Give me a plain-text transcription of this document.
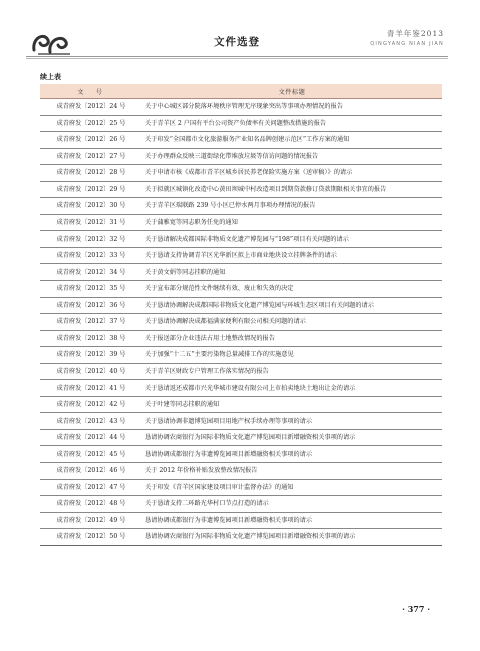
文件选登
青羊年鉴2013
QINGYANG NIAN JIAN
续上表
文　号	文件标题
成青府发〔2012〕24 号	关于中心城区部分院落环境秩序管理无序现象突出等事项办理情况的报告
成青府发〔2012〕25 号	关于青羊区 2 户国有平台公司资产负债率有关问题整改措施的报告
成青府发〔2012〕26 号	关于印发“全国都市文化旅游服务产业知名品牌创建示范区”工作方案的通知
成青府发〔2012〕27 号	关于办理群众反映三道街绿化带堆放垃圾等信访问题的情况报告
成青府发〔2012〕28 号	关于申请市核《成都市青羊区城乡居民养老保险实施方案（送审稿）》的请示
成青府发〔2012〕29 号	关于拟就区城镇化改造中心黄田坝城中村改造项目到期贷款修订贷款期限相关事宜的报告
成青府发〔2012〕30 号	关于青羊区瑞联路 239 号小区已停水两月事项办理情况的报告
成青府发〔2012〕31 号	关于蒲雅宽等同志职务任免的通知
成青府发〔2012〕32 号	关于恳请解决成都国际非物质文化遗产博览园与“198”项目有关问题的请示
成青府发〔2012〕33 号	关于恳请支持协调青羊区光华新区拟上市商业地块设立挂牌条件的请示
成青府发〔2012〕34 号	关于黄文娟等同志挂职的通知
成青府发〔2012〕35 号	关于宣布部分规范性文件继续有效、废止和失效的决定
成青府发〔2012〕36 号	关于恳请协调解决成都国际非物质文化遗产博览园与环城生态区项目有关问题的请示
成青府发〔2012〕37 号	关于恳请协调解决成都福满家便利有限公司相关问题的请示
成青府发〔2012〕38 号	关于报送部分企业违法占用土地整改情况的报告
成青府发〔2012〕39 号	关于加强“十二五”主要污染物总量减排工作的实施意见
成青府发〔2012〕40 号	关于青羊区财政专户管理工作落实情况的报告
成青府发〔2012〕41 号	关于恳请返还成都市兴光华城市建设有限公司上市拍卖地块土地出让金的请示
成青府发〔2012〕42 号	关于叶建等同志挂职的通知
成青府发〔2012〕43 号	关于恳请协调非遗博览园项目用地产权手续办理等事项的请示
成青府发〔2012〕44 号	恳请协调农商银行为国际非物质文化遗产博览园项目新增融资相关事项的请示
成青府发〔2012〕45 号	恳请协调成都银行为非遗博览园项目新增融资相关事项的请示
成青府发〔2012〕46 号	关于 2012 年价格补贴发放整改情况报告
成青府发〔2012〕47 号	关于印发《青羊区国家建设项目审计监督办法》的通知
成青府发〔2012〕48 号	关于恳请支持二环路光华村口节点打造的请示
成青府发〔2012〕49 号	恳请协调成都银行为非遗博览园项目新增融资相关事项的请示
成青府发〔2012〕50 号	恳请协调农商银行为国际非物质文化遗产博览园项目新增融资相关事项的请示
· 377 ·
